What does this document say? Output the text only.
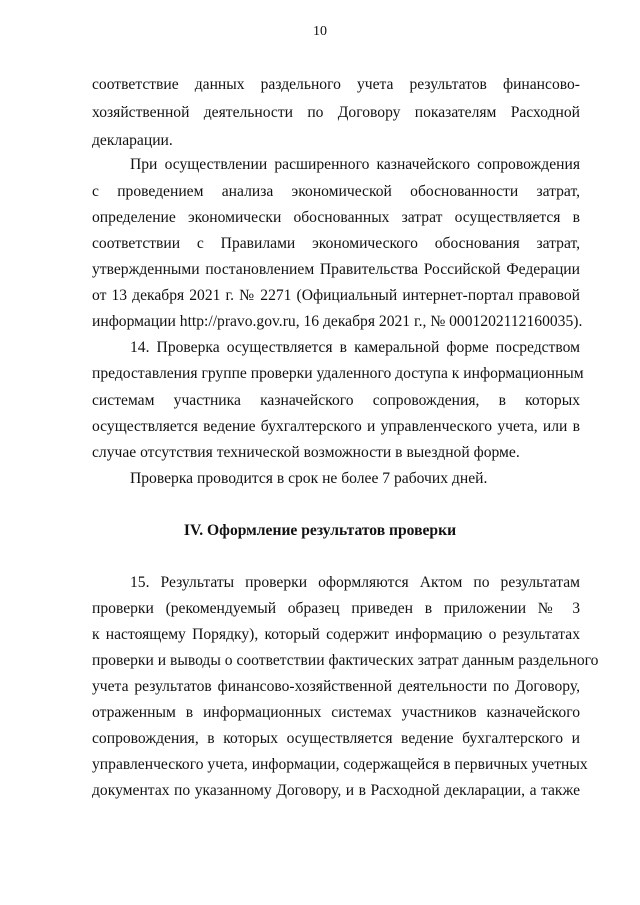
10
соответствие данных раздельного учета результатов финансово-
хозяйственной деятельности по Договору показателям Расходной
декларации.
При осуществлении расширенного казначейского сопровождения
с проведением анализа экономической обоснованности затрат,
определение экономически обоснованных затрат осуществляется в
соответствии с Правилами экономического обоснования затрат,
утвержденными постановлением Правительства Российской Федерации
от 13 декабря 2021 г. № 2271 (Официальный интернет-портал правовой
информации http://pravo.gov.ru, 16 декабря 2021 г., № 0001202112160035).
14. Проверка осуществляется в камеральной форме посредством
предоставления группе проверки удаленного доступа к информационным
системам участника казначейского сопровождения, в которых
осуществляется ведение бухгалтерского и управленческого учета, или в
случае отсутствия технической возможности в выездной форме.
Проверка проводится в срок не более 7 рабочих дней.
IV. Оформление результатов проверки
15. Результаты проверки оформляются Актом по результатам
проверки (рекомендуемый образец приведен в приложении № 3
к настоящему Порядку), который содержит информацию о результатах
проверки и выводы о соответствии фактических затрат данным раздельного
учета результатов финансово-хозяйственной деятельности по Договору,
отраженным в информационных системах участников казначейского
сопровождения, в которых осуществляется ведение бухгалтерского и
управленческого учета, информации, содержащейся в первичных учетных
документах по указанному Договору, и в Расходной декларации, а также
